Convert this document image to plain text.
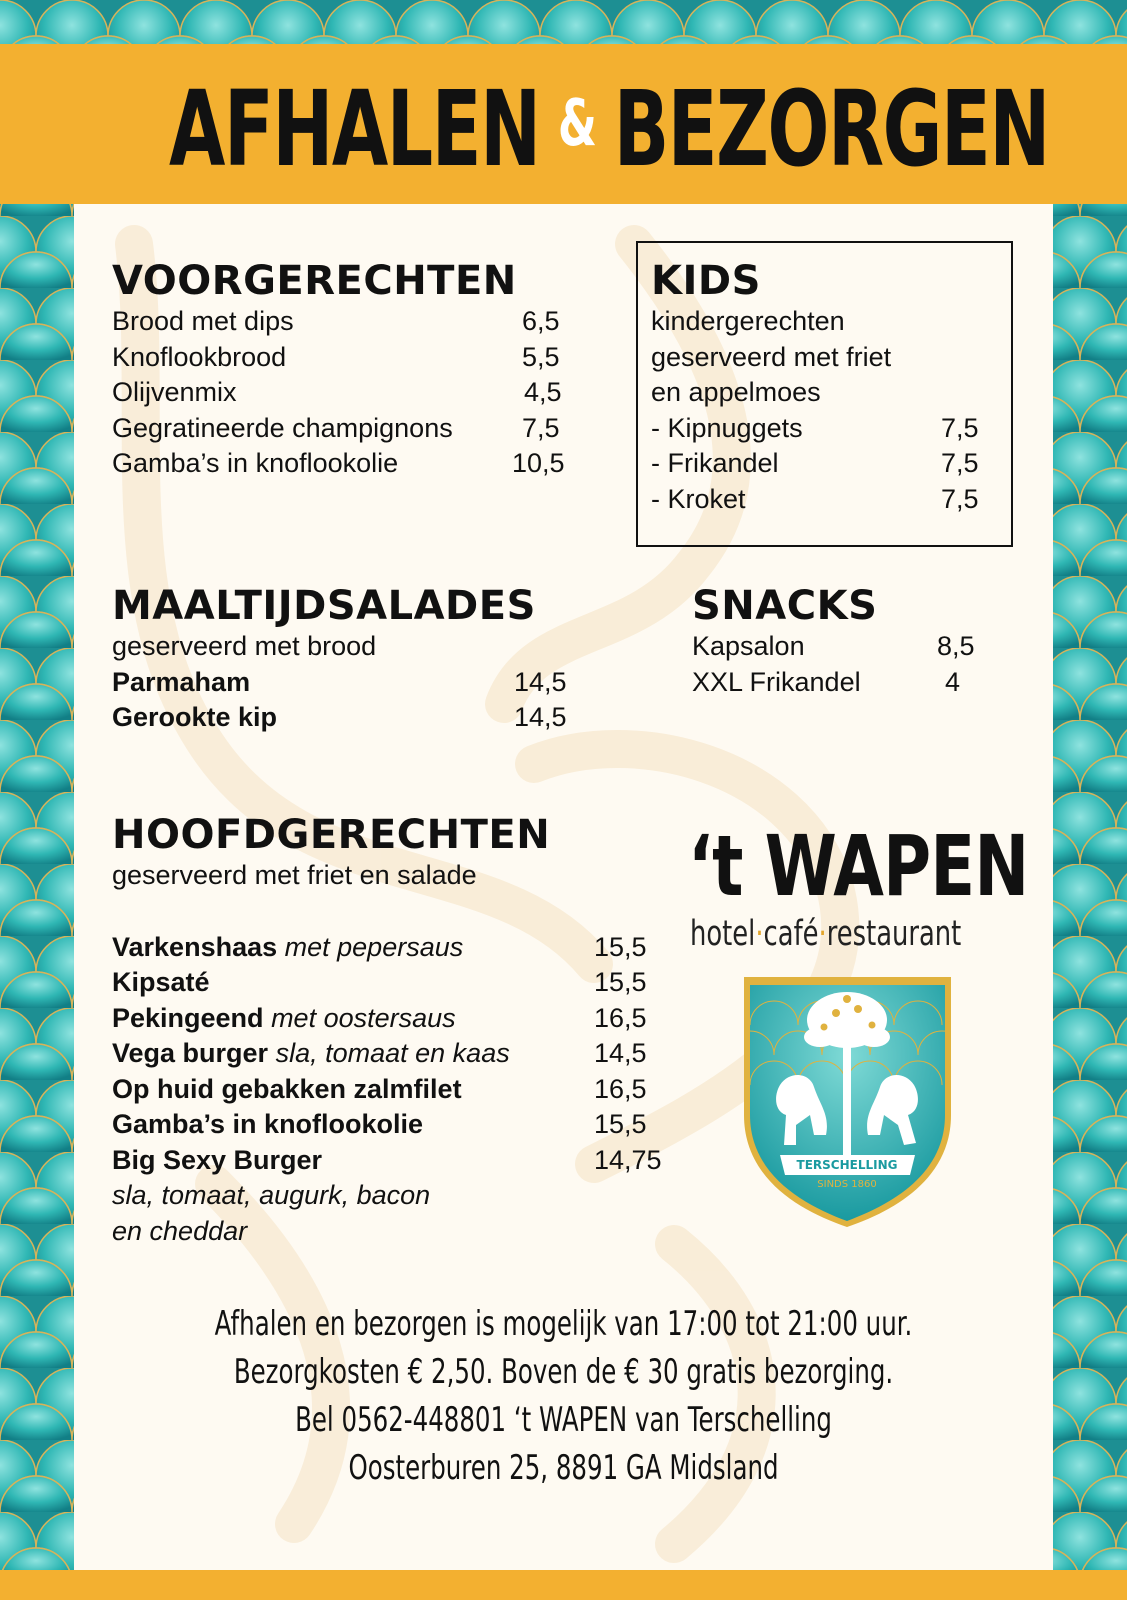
AFHALEN & BEZORGEN
VOORGERECHTEN
Brood met dips	6,5
Knoflookbrood	5,5
Olijvenmix	4,5
Gegratineerde champignons	7,5
Gamba’s in knoflookolie	10,5
KIDS
kindergerechten
geserveerd met friet
en appelmoes
- Kipnuggets	7,5
- Frikandel	7,5
- Kroket	7,5
MAALTIJDSALADES
geserveerd met brood
Parmaham	14,5
Gerookte kip	14,5
SNACKS
Kapsalon	8,5
XXL Frikandel	4
HOOFDGERECHTEN
geserveerd met friet en salade
Varkenshaas met pepersaus	15,5
Kipsaté	15,5
Pekingeend met oostersaus	16,5
Vega burger sla, tomaat en kaas	14,5
Op huid gebakken zalmfilet	16,5
Gamba’s in knoflookolie	15,5
Big Sexy Burger	14,75
sla, tomaat, augurk, bacon
en cheddar
‘t WAPEN
hotel·café·restaurant
TERSCHELLING
SINDS 1860
Afhalen en bezorgen is mogelijk van 17:00 tot 21:00 uur.
Bezorgkosten € 2,50. Boven de € 30 gratis bezorging.
Bel 0562-448801 ‘t WAPEN van Terschelling
Oosterburen 25, 8891 GA Midsland
